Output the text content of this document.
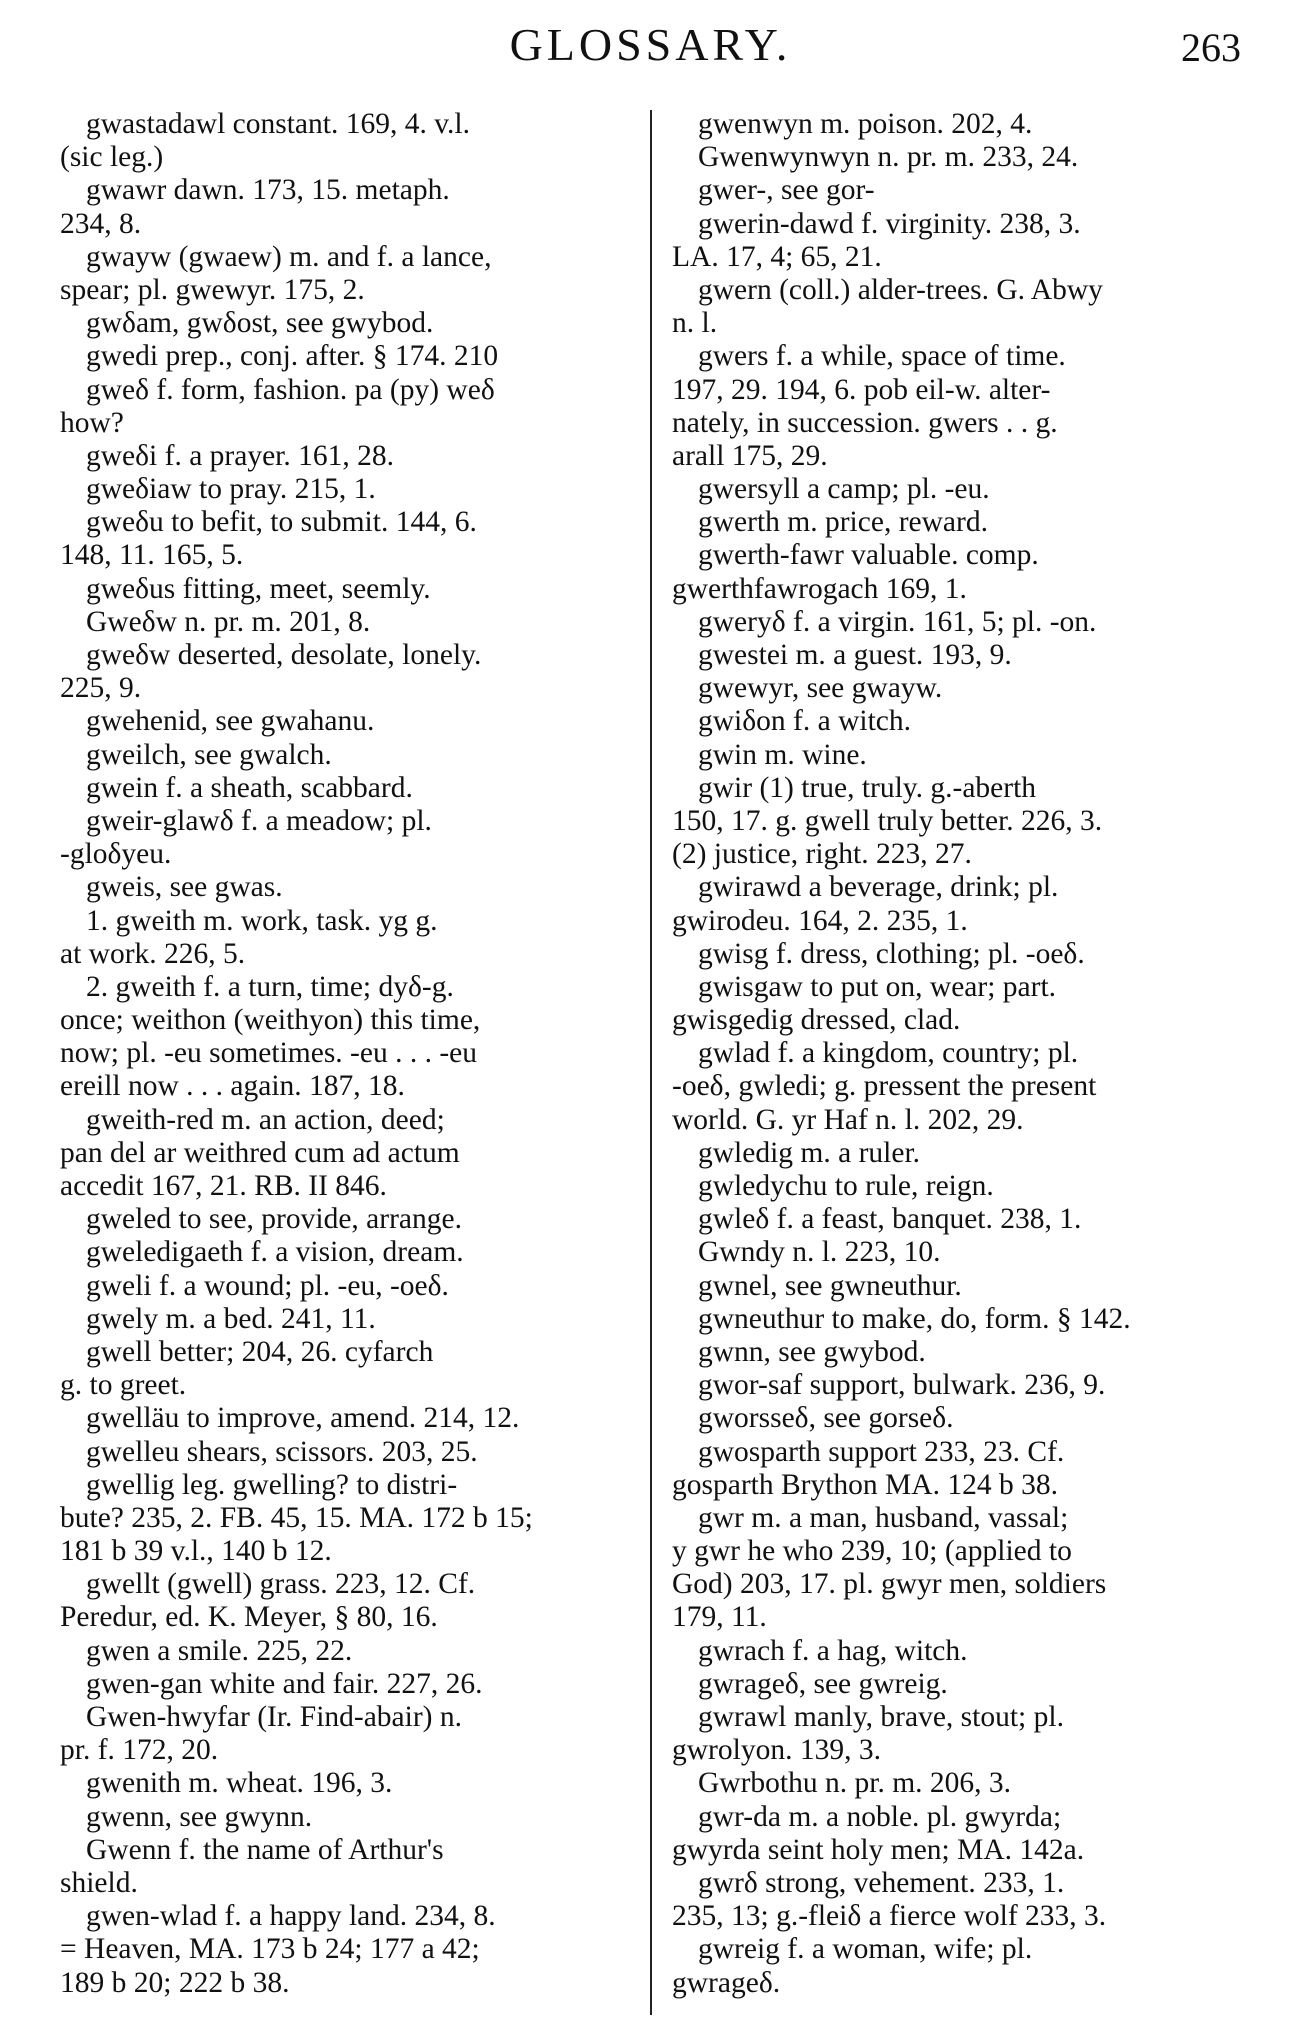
GLOSSARY.	263
gwastadawl constant. 169, 4. v.l.
(sic leg.)
gwawr dawn. 173, 15. metaph.
234, 8.
gwayw (gwaew) m. and f. a lance,
spear; pl. gwewyr. 175, 2.
gwδam, gwδost, see gwybod.
gwedi prep., conj. after. § 174. 210
gweδ f. form, fashion. pa (py) weδ
how?
gweδi f. a prayer. 161, 28.
gweδiaw to pray. 215, 1.
gweδu to befit, to submit. 144, 6.
148, 11. 165, 5.
gweδus fitting, meet, seemly.
Gweδw n. pr. m. 201, 8.
gweδw deserted, desolate, lonely.
225, 9.
gwehenid, see gwahanu.
gweilch, see gwalch.
gwein f. a sheath, scabbard.
gweir-glawδ f. a meadow; pl.
-gloδyeu.
gweis, see gwas.
1. gweith m. work, task. yg g.
at work. 226, 5.
2. gweith f. a turn, time; dyδ-g.
once; weithon (weithyon) this time,
now; pl. -eu sometimes. -eu . . . -eu
ereill now . . . again. 187, 18.
gweith-red m. an action, deed;
pan del ar weithred cum ad actum
accedit 167, 21. RB. II 846.
gweled to see, provide, arrange.
gweledigaeth f. a vision, dream.
gweli f. a wound; pl. -eu, -oeδ.
gwely m. a bed. 241, 11.
gwell better; 204, 26. cyfarch
g. to greet.
gwelläu to improve, amend. 214, 12.
gwelleu shears, scissors. 203, 25.
gwellig leg. gwelling? to distri-
bute? 235, 2. FB. 45, 15. MA. 172 b 15;
181 b 39 v.l., 140 b 12.
gwellt (gwell) grass. 223, 12. Cf.
Peredur, ed. K. Meyer, § 80, 16.
gwen a smile. 225, 22.
gwen-gan white and fair. 227, 26.
Gwen-hwyfar (Ir. Find-abair) n.
pr. f. 172, 20.
gwenith m. wheat. 196, 3.
gwenn, see gwynn.
Gwenn f. the name of Arthur's
shield.
gwen-wlad f. a happy land. 234, 8.
= Heaven, MA. 173 b 24; 177 a 42;
189 b 20; 222 b 38.
gwenwyn m. poison. 202, 4.
Gwenwynwyn n. pr. m. 233, 24.
gwer-, see gor-
gwerin-dawd f. virginity. 238, 3.
LA. 17, 4; 65, 21.
gwern (coll.) alder-trees. G. Abwy
n. l.
gwers f. a while, space of time.
197, 29. 194, 6. pob eil-w. alter-
nately, in succession. gwers . . g.
arall 175, 29.
gwersyll a camp; pl. -eu.
gwerth m. price, reward.
gwerth-fawr valuable. comp.
gwerthfawrogach 169, 1.
gweryδ f. a virgin. 161, 5; pl. -on.
gwestei m. a guest. 193, 9.
gwewyr, see gwayw.
gwiδon f. a witch.
gwin m. wine.
gwir (1) true, truly. g.-aberth
150, 17. g. gwell truly better. 226, 3.
(2) justice, right. 223, 27.
gwirawd a beverage, drink; pl.
gwirodeu. 164, 2. 235, 1.
gwisg f. dress, clothing; pl. -oeδ.
gwisgaw to put on, wear; part.
gwisgedig dressed, clad.
gwlad f. a kingdom, country; pl.
-oeδ, gwledi; g. pressent the present
world. G. yr Haf n. l. 202, 29.
gwledig m. a ruler.
gwledychu to rule, reign.
gwleδ f. a feast, banquet. 238, 1.
Gwndy n. l. 223, 10.
gwnel, see gwneuthur.
gwneuthur to make, do, form. § 142.
gwnn, see gwybod.
gwor-saf support, bulwark. 236, 9.
gworsseδ, see gorseδ.
gwosparth support 233, 23. Cf.
gosparth Brython MA. 124 b 38.
gwr m. a man, husband, vassal;
y gwr he who 239, 10; (applied to
God) 203, 17. pl. gwyr men, soldiers
179, 11.
gwrach f. a hag, witch.
gwrageδ, see gwreig.
gwrawl manly, brave, stout; pl.
gwrolyon. 139, 3.
Gwrbothu n. pr. m. 206, 3.
gwr-da m. a noble. pl. gwyrda;
gwyrda seint holy men; MA. 142a.
gwrδ strong, vehement. 233, 1.
235, 13; g.-fleiδ a fierce wolf 233, 3.
gwreig f. a woman, wife; pl.
gwrageδ.
